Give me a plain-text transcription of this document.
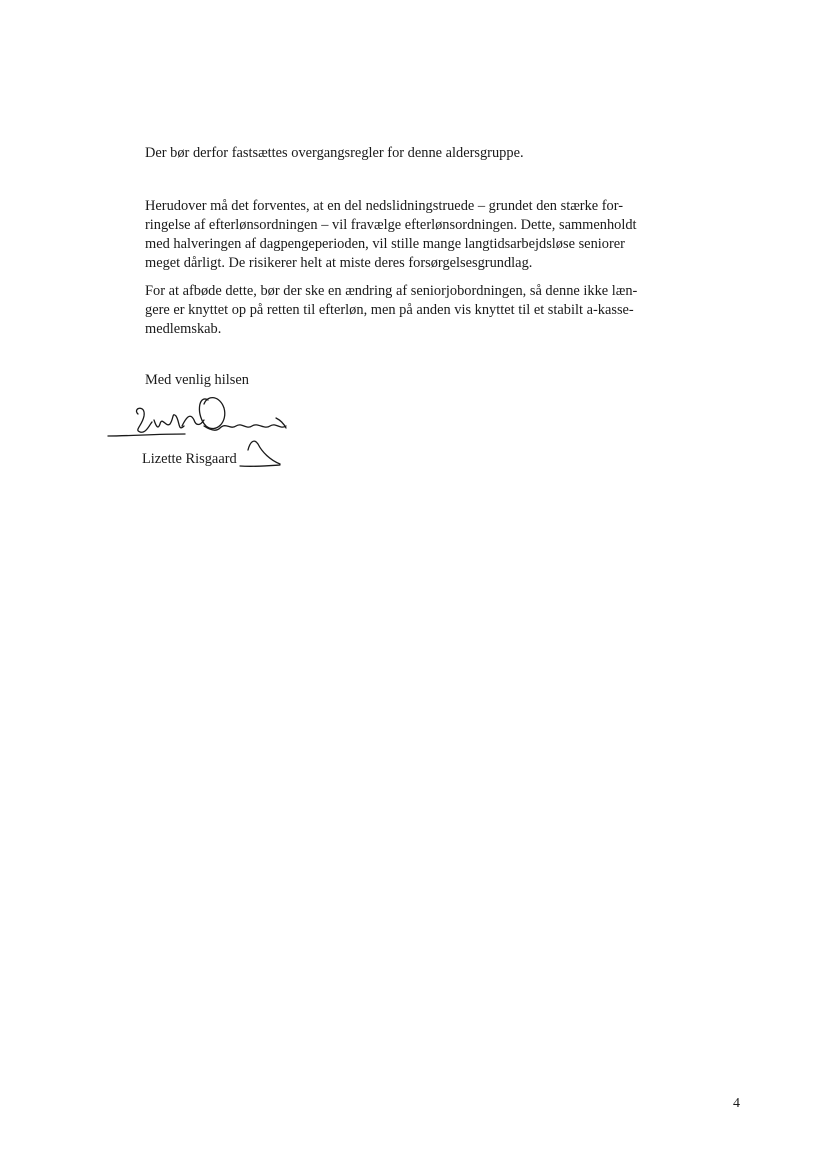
Der bør derfor fastsættes overgangsregler for denne aldersgruppe.

Herudover må det forventes, at en del nedslidningstruede – grundet den stærke for-
ringelse af efterlønsordningen – vil fravælge efterlønsordningen. Dette, sammenholdt
med halveringen af dagpengeperioden, vil stille mange langtidsarbejdsløse seniorer
meget dårligt. De risikerer helt at miste deres forsørgelsesgrundlag.

For at afbøde dette, bør der ske en ændring af seniorjobordningen, så denne ikke læn-
gere er knyttet op på retten til efterløn, men på anden vis knyttet til et stabilt a-kasse-
medlemskab.

Med venlig hilsen
Lizette Risgaard
4
